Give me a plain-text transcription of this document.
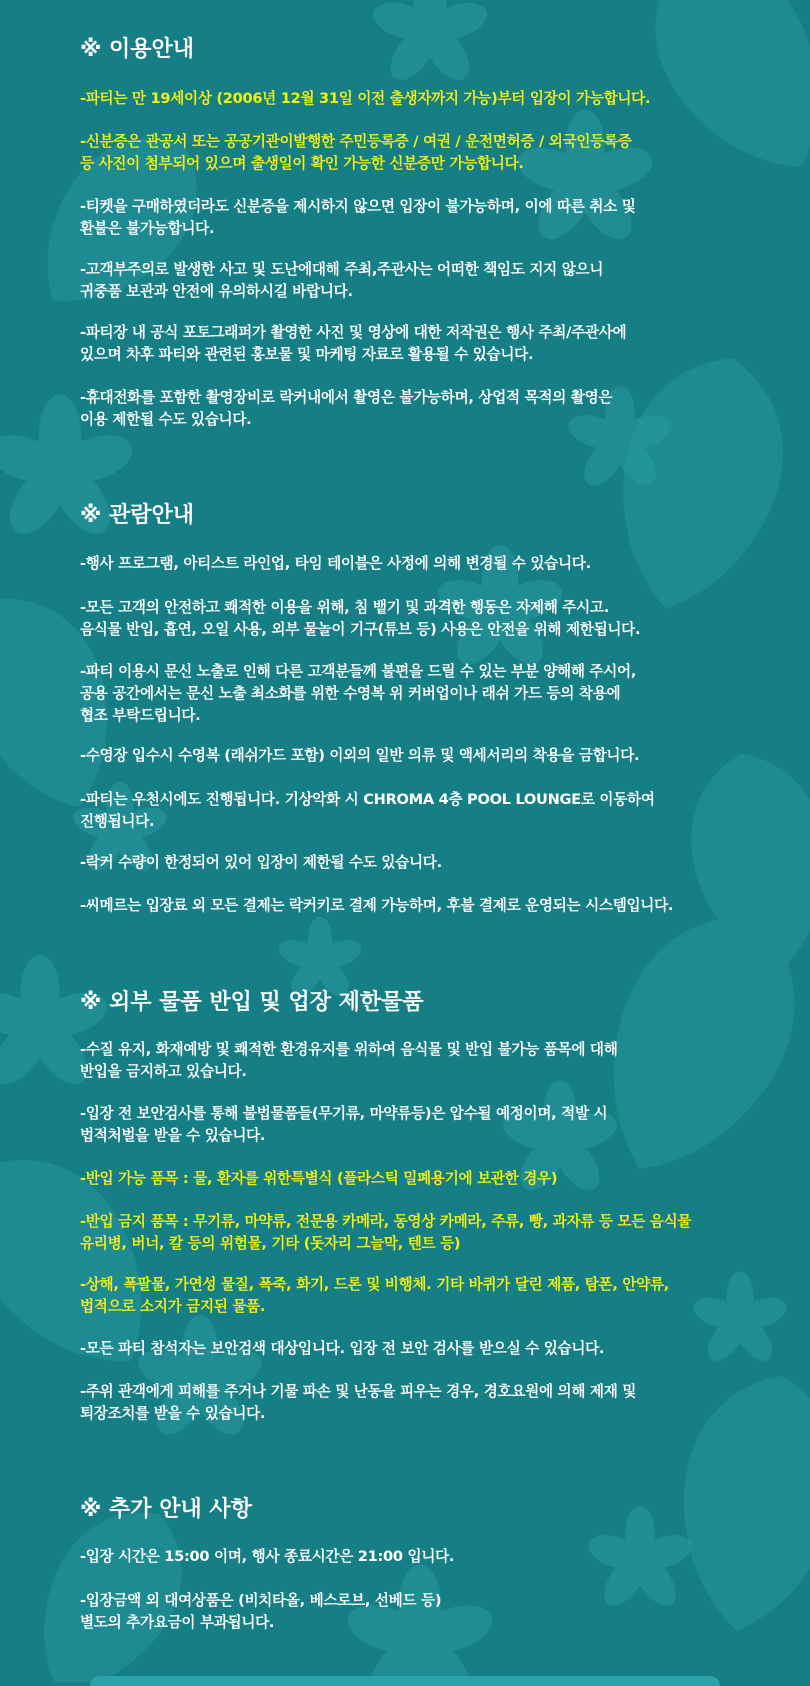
※ 이용안내

-파티는 만 19세이상 (2006년 12월 31일 이전 출생자까지 가능)부터 입장이 가능합니다.

-신분증은 관공서 또는 공공기관이발행한 주민등록증 / 여권 / 운전면허증 / 외국인등록증
등 사진이 첨부되어 있으며 출생일이 확인 가능한 신분증만 가능합니다.

-티켓을 구매하였더라도 신분증을 제시하지 않으면 입장이 불가능하며, 이에 따른 취소 및
환불은 불가능합니다.

-고객부주의로 발생한 사고 및 도난에대해 주최,주관사는 어떠한 책임도 지지 않으니
귀중품 보관과 안전에 유의하시길 바랍니다.

-파티장 내 공식 포토그래퍼가 촬영한 사진 및 영상에 대한 저작권은 행사 주최/주관사에
있으며 차후 파티와 관련된 홍보물 및 마케팅 자료로 활용될 수 있습니다.

-휴대전화를 포함한 촬영장비로 락커내에서 촬영은 불가능하며, 상업적 목적의 촬영은
이용 제한될 수도 있습니다.

※ 관람안내

-행사 프로그램, 아티스트 라인업, 타임 테이블은 사정에 의해 변경될 수 있습니다.

-모든 고객의 안전하고 쾌적한 이용을 위해, 침 뱉기 및 과격한 행동은 자제해 주시고.
음식물 반입, 흡연, 오일 사용, 외부 물놀이 기구(튜브 등) 사용은 안전을 위해 제한됩니다.

-파티 이용시 문신 노출로 인해 다른 고객분들께 불편을 드릴 수 있는 부분 양해해 주시어,
공용 공간에서는 문신 노출 최소화를 위한 수영복 위 커버업이나 래쉬 가드 등의 착용에
협조 부탁드립니다.

-수영장 입수시 수영복 (래쉬가드 포함) 이외의 일반 의류 및 액세서리의 착용을 금합니다.

-파티는 우천시에도 진행됩니다. 기상악화 시 CHROMA 4층 POOL LOUNGE로 이동하여
진행됩니다.

-락커 수량이 한정되어 있어 입장이 제한될 수도 있습니다.

-씨메르는 입장료 외 모든 결제는 락커키로 결제 가능하며, 후불 결제로 운영되는 시스템입니다.

※ 외부 물품 반입 및 업장 제한물품

-수질 유지, 화재예방 및 쾌적한 환경유지를 위하여 음식물 및 반입 불가능 품목에 대해
반입을 금지하고 있습니다.

-입장 전 보안검사를 통해 불법물품들(무기류, 마약류등)은 압수될 예정이며, 적발 시
법적처벌을 받을 수 있습니다.

-반입 가능 품목 : 물, 환자를 위한특별식 (플라스틱 밀폐용기에 보관한 경우)

-반입 금지 품목 : 무기류, 마약류, 전문용 카메라, 동영상 카메라, 주류, 빵, 과자류 등 모든 음식물
유리병, 버너, 칼 등의 위험물, 기타 (돗자리 그늘막, 텐트 등)

-상해, 폭팔물, 가연성 물질, 폭죽, 화기, 드론 및 비행체. 기타 바퀴가 달린 제품, 탐폰, 안약류,
법적으로 소지가 금지된 물품.

-모든 파티 참석자는 보안검색 대상입니다. 입장 전 보안 검사를 받으실 수 있습니다.

-주위 관객에게 피해를 주거나 기물 파손 및 난동을 피우는 경우, 경호요원에 의해 제재 및
퇴장조치를 받을 수 있습니다.

※ 추가 안내 사항

-입장 시간은 15:00 이며, 행사 종료시간은 21:00 입니다.

-입장금액 외 대여상품은 (비치타올, 베스로브, 선베드 등)
별도의 추가요금이 부과됩니다.
